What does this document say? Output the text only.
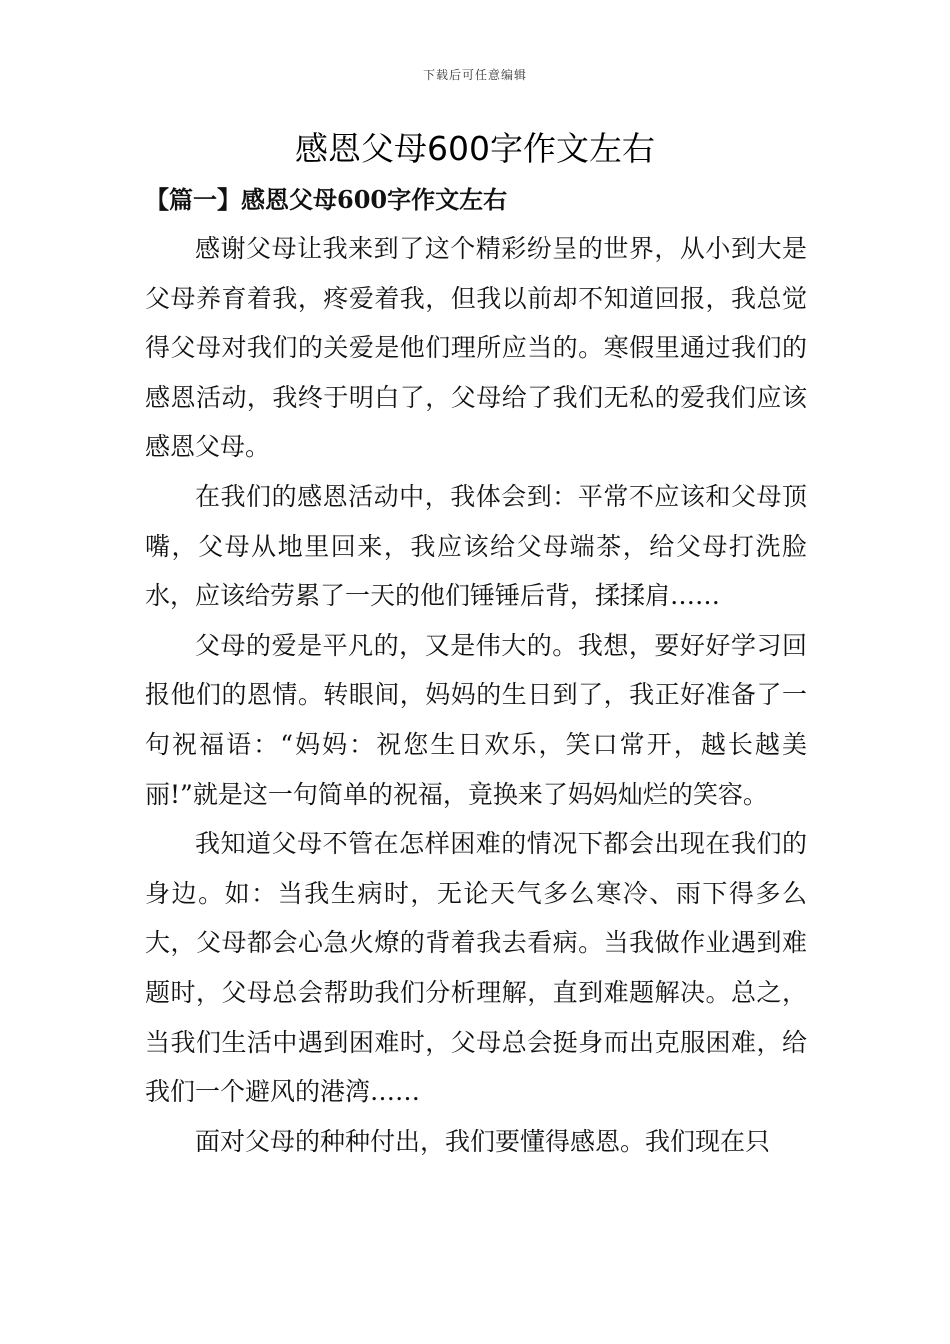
下载后可任意编辑
感恩父母600字作文左右
【篇一】感恩父母600字作文左右

感谢父母让我来到了这个精彩纷呈的世界，从小到大是父母养育着我，疼爱着我，但我以前却不知道回报，我总觉得父母对我们的关爱是他们理所应当的。寒假里通过我们的感恩活动，我终于明白了，父母给了我们无私的爱我们应该感恩父母。

在我们的感恩活动中，我体会到：平常不应该和父母顶嘴，父母从地里回来，我应该给父母端茶，给父母打洗脸水，应该给劳累了一天的他们锤锤后背，揉揉肩……

父母的爱是平凡的，又是伟大的。我想，要好好学习回报他们的恩情。转眼间，妈妈的生日到了，我正好准备了一句祝福语：“妈妈：祝您生日欢乐，笑口常开，越长越美丽!”就是这一句简单的祝福，竟换来了妈妈灿烂的笑容。

我知道父母不管在怎样困难的情况下都会出现在我们的身边。如：当我生病时，无论天气多么寒冷、雨下得多么大，父母都会心急火燎的背着我去看病。当我做作业遇到难题时，父母总会帮助我们分析理解，直到难题解决。总之，当我们生活中遇到困难时，父母总会挺身而出克服困难，给我们一个避风的港湾……

面对父母的种种付出，我们要懂得感恩。我们现在只
